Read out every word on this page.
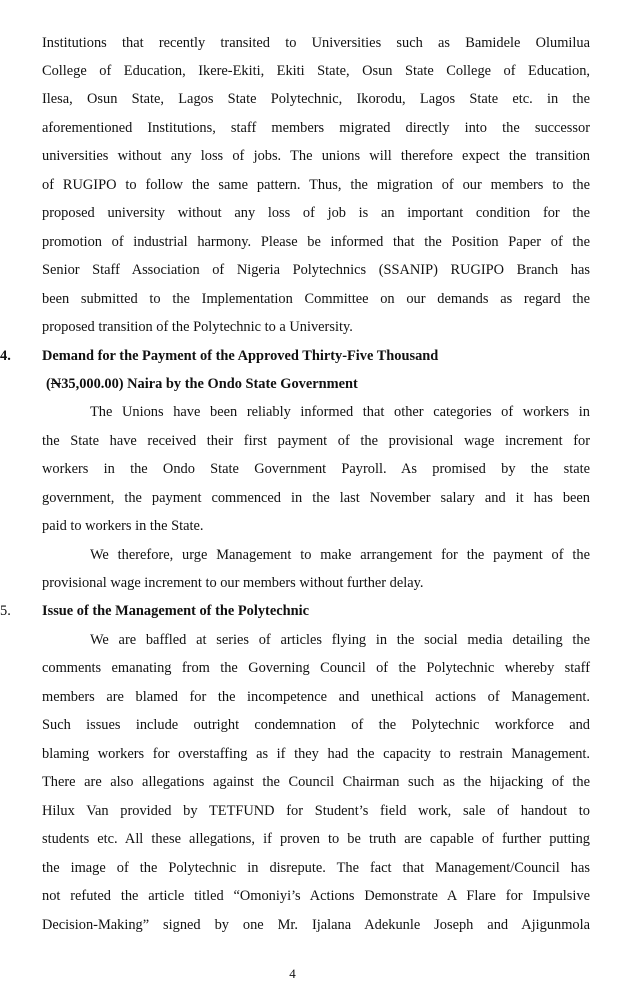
Institutions that recently transited to Universities such as Bamidele Olumilua
College of Education, Ikere-Ekiti, Ekiti State, Osun State College of Education,
Ilesa, Osun State, Lagos State Polytechnic, Ikorodu, Lagos State etc. in the
aforementioned Institutions, staff members migrated directly into the successor
universities without any loss of jobs. The unions will therefore expect the transition
of RUGIPO to follow the same pattern. Thus, the migration of our members to the
proposed university without any loss of job is an important condition for the
promotion of industrial harmony. Please be informed that the Position Paper of the
Senior Staff Association of Nigeria Polytechnics (SSANIP) RUGIPO Branch has
been submitted to the Implementation Committee on our demands as regard the
proposed transition of the Polytechnic to a University.
4. Demand for the Payment of the Approved Thirty-Five Thousand
(N35,000.00) Naira by the Ondo State Government
The Unions have been reliably informed that other categories of workers in
the State have received their first payment of the provisional wage increment for
workers in the Ondo State Government Payroll. As promised by the state
government, the payment commenced in the last November salary and it has been
paid to workers in the State.
We therefore, urge Management to make arrangement for the payment of the
provisional wage increment to our members without further delay.
5. Issue of the Management of the Polytechnic
We are baffled at series of articles flying in the social media detailing the
comments emanating from the Governing Council of the Polytechnic whereby staff
members are blamed for the incompetence and unethical actions of Management.
Such issues include outright condemnation of the Polytechnic workforce and
blaming workers for overstaffing as if they had the capacity to restrain Management.
There are also allegations against the Council Chairman such as the hijacking of the
Hilux Van provided by TETFUND for Student’s field work, sale of handout to
students etc. All these allegations, if proven to be truth are capable of further putting
the image of the Polytechnic in disrepute. The fact that Management/Council has
not refuted the article titled “Omoniyi’s Actions Demonstrate A Flare for Impulsive
Decision-Making” signed by one Mr. Ijalana Adekunle Joseph and Ajigunmola
4
